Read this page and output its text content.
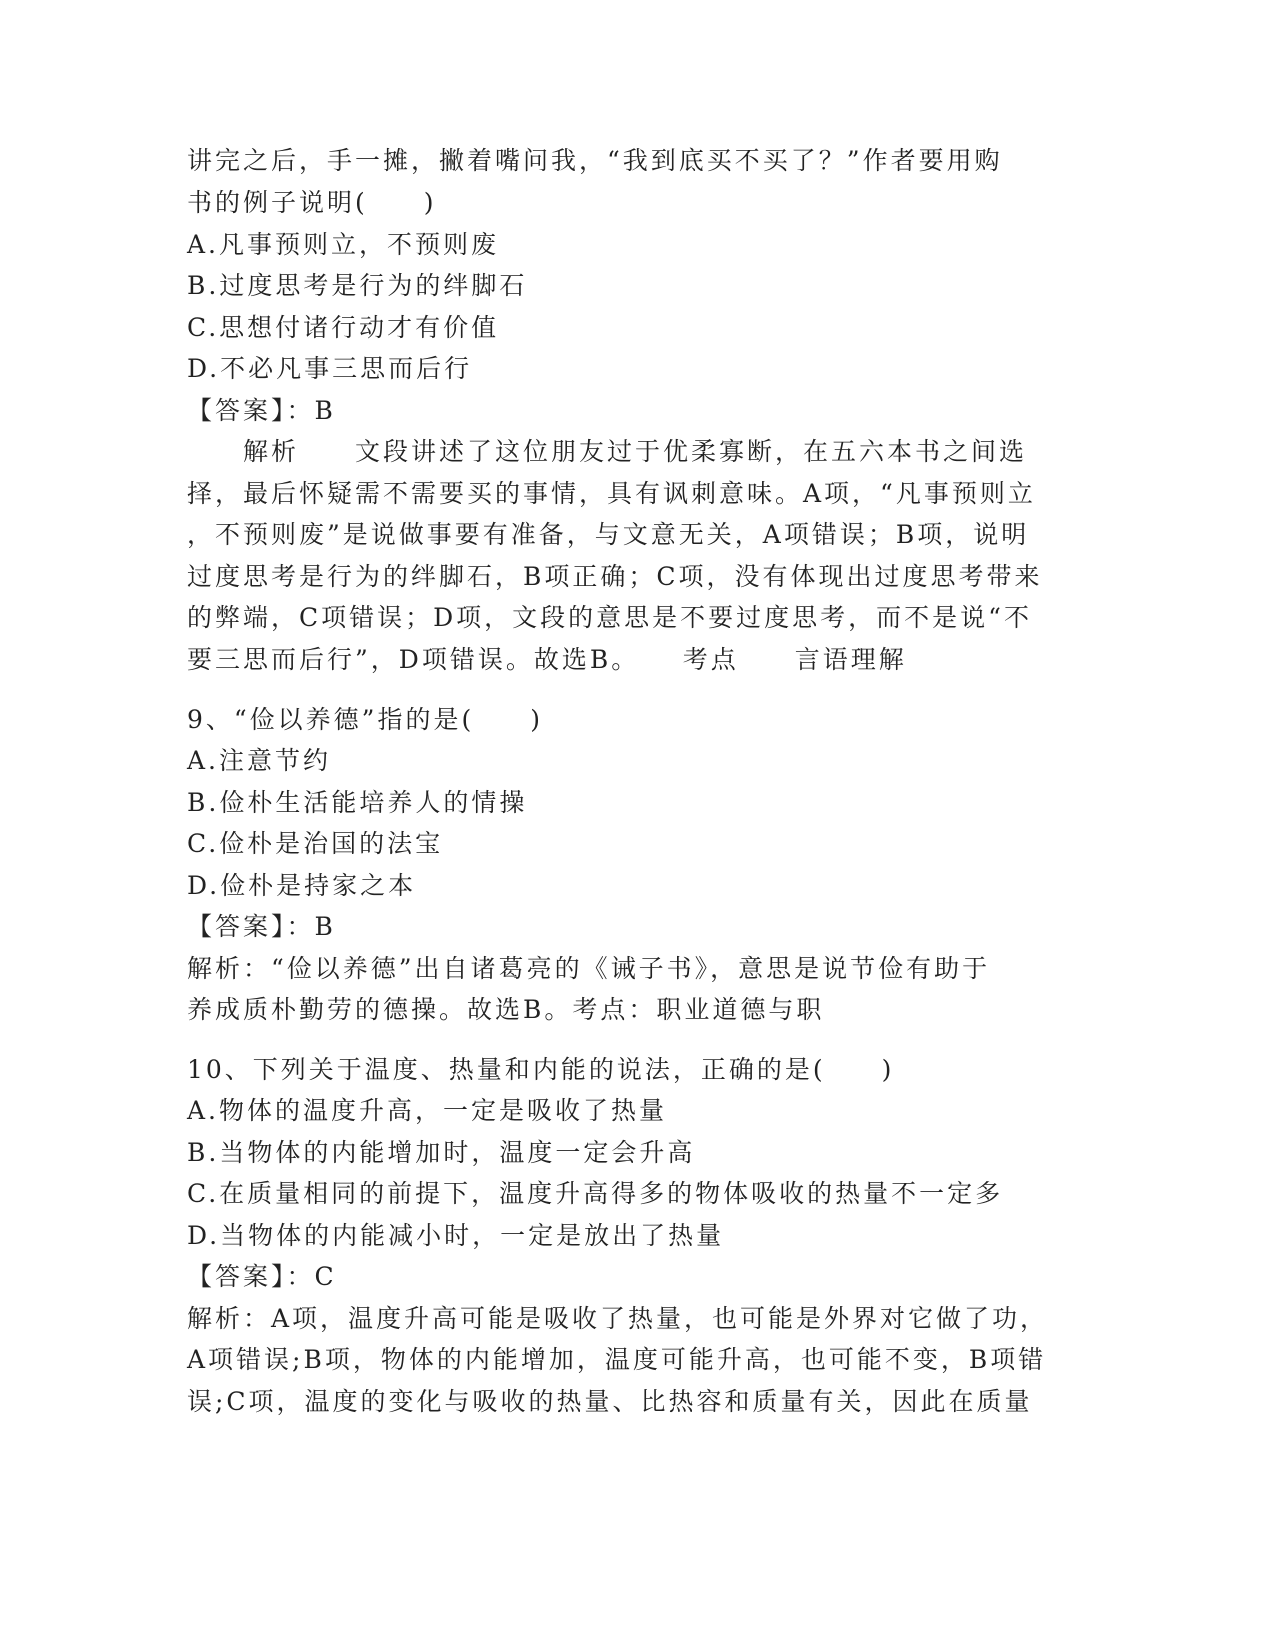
讲完之后，手一摊，撇着嘴问我，“我到底买不买了？”作者要用购
书的例子说明(　　)
A.凡事预则立，不预则废
B.过度思考是行为的绊脚石
C.思想付诸行动才有价值
D.不必凡事三思而后行
【答案】：B
　　解析　　文段讲述了这位朋友过于优柔寡断，在五六本书之间选
择，最后怀疑需不需要买的事情，具有讽刺意味。A项，“凡事预则立
，不预则废”是说做事要有准备，与文意无关，A项错误；B项，说明
过度思考是行为的绊脚石，B项正确；C项，没有体现出过度思考带来
的弊端，C项错误；D项，文段的意思是不要过度思考，而不是说“不
要三思而后行”，D项错误。故选B。　　考点　　言语理解
9、“俭以养德”指的是(　　)
A.注意节约
B.俭朴生活能培养人的情操
C.俭朴是治国的法宝
D.俭朴是持家之本
【答案】：B
解析：“俭以养德”出自诸葛亮的《诫子书》，意思是说节俭有助于
养成质朴勤劳的德操。故选B。考点：职业道德与职
10、下列关于温度、热量和内能的说法，正确的是(　　)
A.物体的温度升高，一定是吸收了热量
B.当物体的内能增加时，温度一定会升高
C.在质量相同的前提下，温度升高得多的物体吸收的热量不一定多
D.当物体的内能减小时，一定是放出了热量
【答案】：C
解析：A项，温度升高可能是吸收了热量，也可能是外界对它做了功，
A项错误;B项，物体的内能增加，温度可能升高，也可能不变，B项错
误;C项，温度的变化与吸收的热量、比热容和质量有关，因此在质量
